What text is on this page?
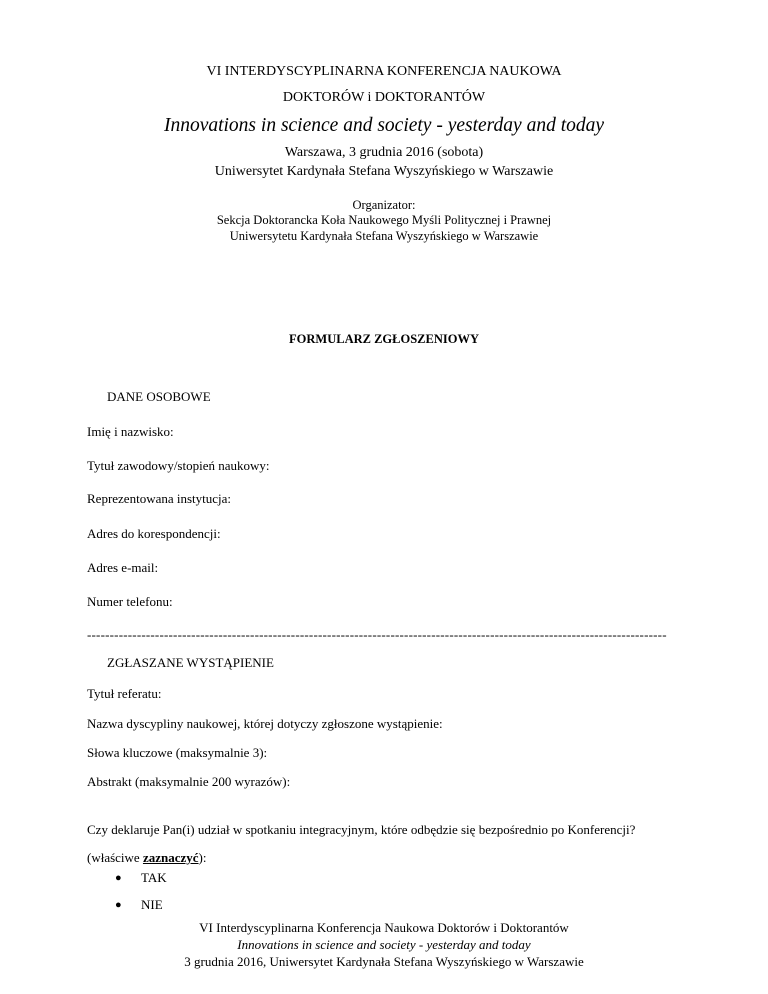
VI INTERDYSCYPLINARNA KONFERENCJA NAUKOWA
DOKTORÓW i DOKTORANTÓW
Innovations in science and society - yesterday and today
Warszawa, 3 grudnia 2016 (sobota)
Uniwersytet Kardynała Stefana Wyszyńskiego w Warszawie
Organizator:
Sekcja Doktorancka Koła Naukowego Myśli Politycznej i Prawnej
Uniwersytetu Kardynała Stefana Wyszyńskiego w Warszawie
FORMULARZ ZGŁOSZENIOWY
DANE OSOBOWE
Imię i nazwisko:
Tytuł zawodowy/stopień naukowy:
Reprezentowana instytucja:
Adres do korespondencji:
Adres e-mail:
Numer telefonu:
--------------------------------------------------------------------------------------------------------------------------------
ZGŁASZANE WYSTĄPIENIE
Tytuł referatu:
Nazwa dyscypliny naukowej, której dotyczy zgłoszone wystąpienie:
Słowa kluczowe (maksymalnie 3):
Abstrakt (maksymalnie 200 wyrazów):
Czy deklaruje Pan(i) udział w spotkaniu integracyjnym, które odbędzie się bezpośrednio po Konferencji?
(właściwe zaznaczyć):
● TAK
● NIE
VI Interdyscyplinarna Konferencja Naukowa Doktorów i Doktorantów
Innovations in science and society - yesterday and today
3 grudnia 2016, Uniwersytet Kardynała Stefana Wyszyńskiego w Warszawie
